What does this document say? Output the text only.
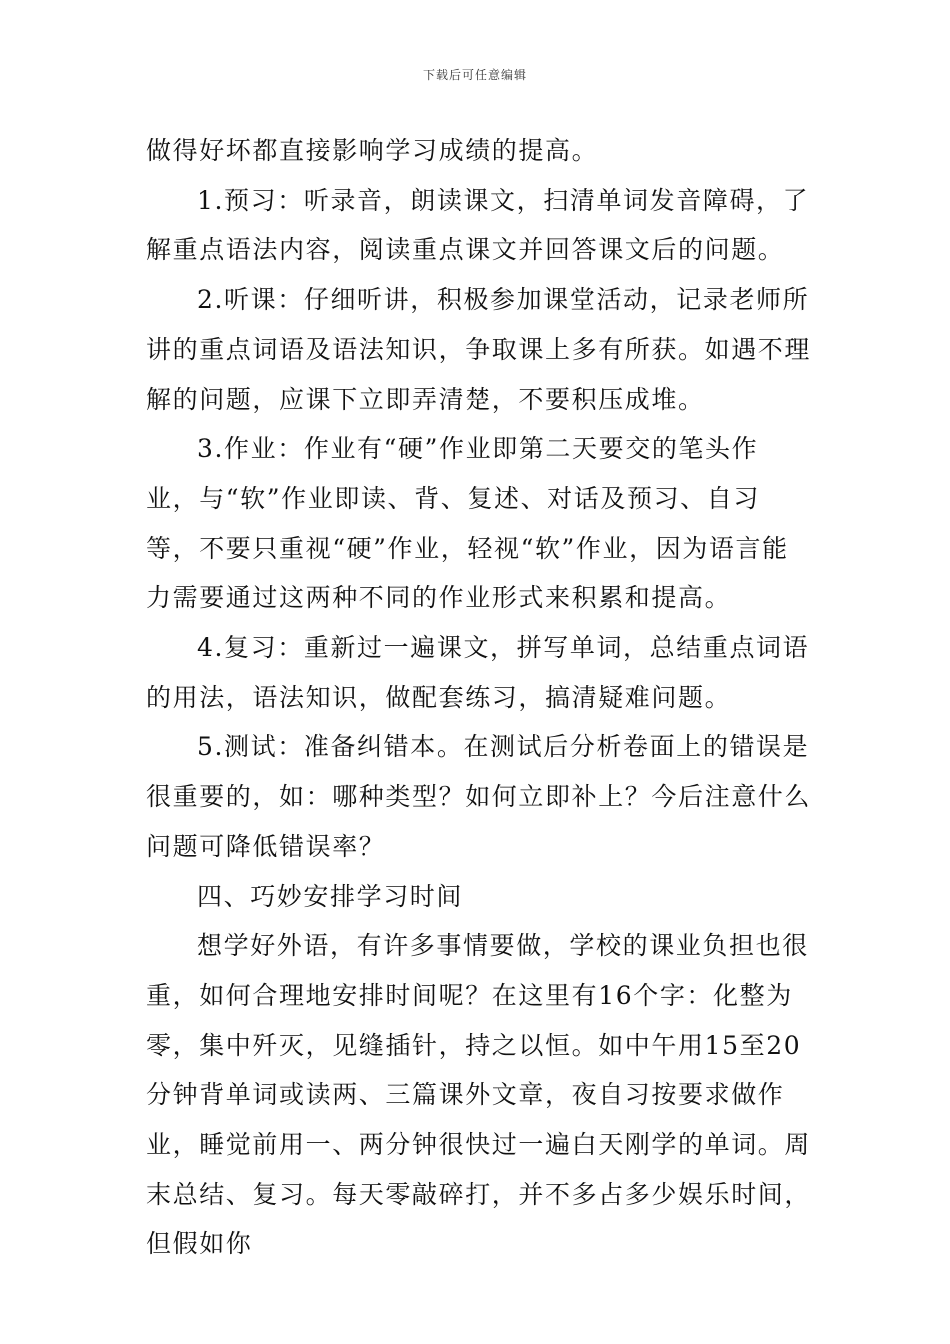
下载后可任意编辑

做得好坏都直接影响学习成绩的提高。

1.预习：听录音，朗读课文，扫清单词发音障碍，了解重点语法内容，阅读重点课文并回答课文后的问题。

2.听课：仔细听讲，积极参加课堂活动，记录老师所讲的重点词语及语法知识，争取课上多有所获。如遇不理解的问题，应课下立即弄清楚，不要积压成堆。

3.作业：作业有“硬”作业即第二天要交的笔头作业，与“软”作业即读、背、复述、对话及预习、自习等，不要只重视“硬”作业，轻视“软”作业，因为语言能力需要通过这两种不同的作业形式来积累和提高。

4.复习：重新过一遍课文，拼写单词，总结重点词语的用法，语法知识，做配套练习，搞清疑难问题。

5.测试：准备纠错本。在测试后分析卷面上的错误是很重要的，如：哪种类型？如何立即补上？今后注意什么问题可降低错误率？

四、巧妙安排学习时间

想学好外语，有许多事情要做，学校的课业负担也很重，如何合理地安排时间呢？在这里有16个字：化整为零，集中歼灭，见缝插针，持之以恒。如中午用15至20分钟背单词或读两、三篇课外文章，夜自习按要求做作业，睡觉前用一、两分钟很快过一遍白天刚学的单词。周末总结、复习。每天零敲碎打，并不多占多少娱乐时间，但假如你
